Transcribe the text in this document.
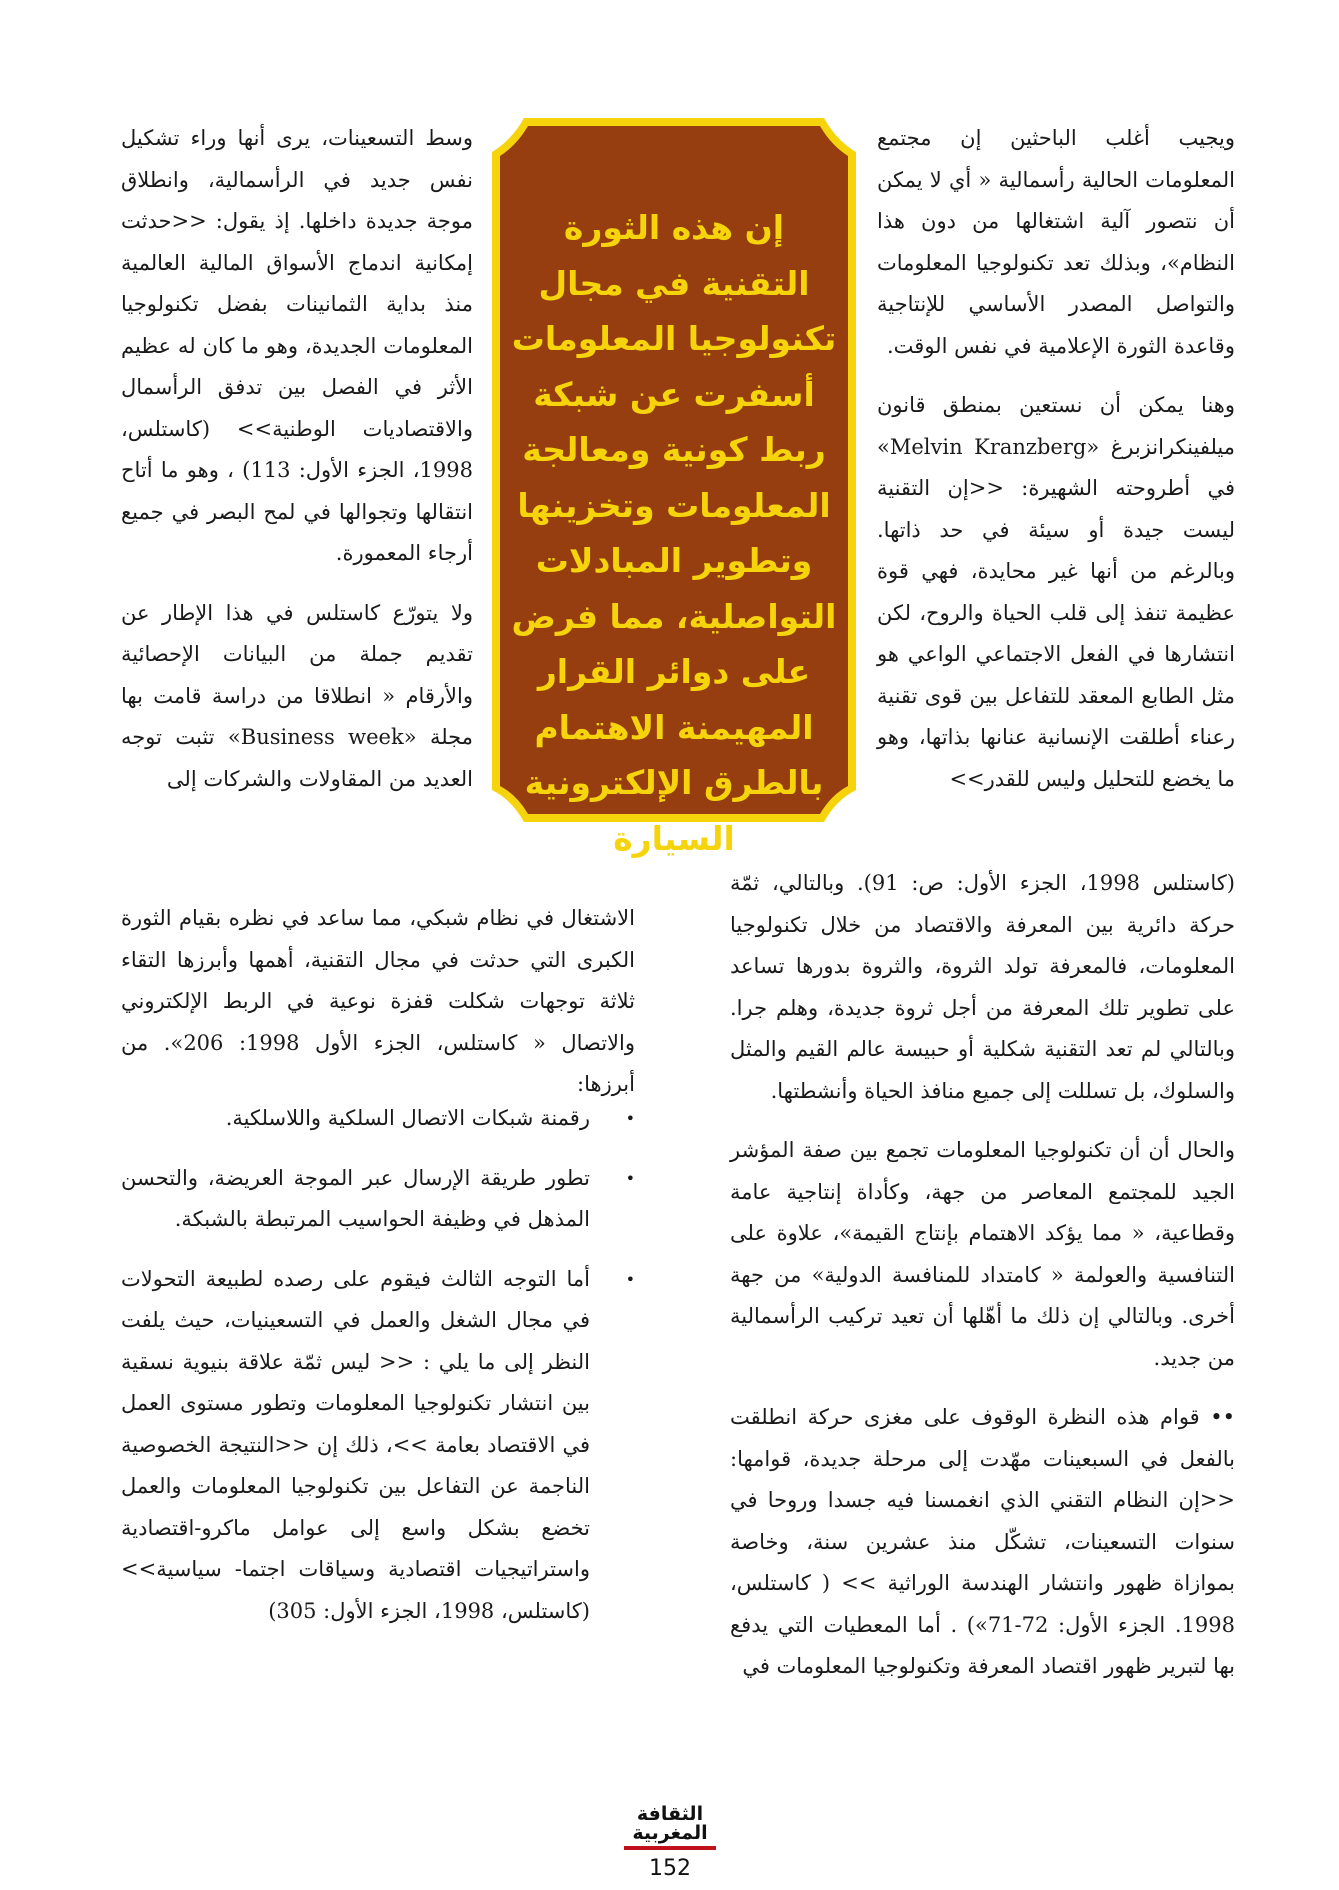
ويجيب أغلب الباحثين إن مجتمع المعلومات الحالية رأسمالية « أي لا يمكن أن نتصور آلية اشتغالها من دون هذا النظام»، وبذلك تعد تكنولوجيا المعلومات والتواصل المصدر الأساسي للإنتاجية وقاعدة الثورة الإعلامية في نفس الوقت.

وهنا يمكن أن نستعين بمنطق قانون ميلفينكرانزبرغ «Melvin Kranzberg» في أطروحته الشهيرة: <<إن التقنية ليست جيدة أو سيئة في حد ذاتها. وبالرغم من أنها غير محايدة، فهي قوة عظيمة تنفذ إلى قلب الحياة والروح، لكن انتشارها في الفعل الاجتماعي الواعي هو مثل الطابع المعقد للتفاعل بين قوى تقنية رعناء أطلقت الإنسانية عنانها بذاتها، وهو ما يخضع للتحليل وليس للقدر>>

إن هذه الثورة التقنية في مجال تكنولوجيا المعلومات أسفرت عن شبكة ربط كونية ومعالجة المعلومات وتخزينها وتطوير المبادلات التواصلية، مما فرض على دوائر القرار المهيمنة الاهتمام بالطرق الإلكترونية السيارة

وسط التسعينات، يرى أنها وراء تشكيل نفس جديد في الرأسمالية، وانطلاق موجة جديدة داخلها. إذ يقول: <<حدثت إمكانية اندماج الأسواق المالية العالمية منذ بداية الثمانينات بفضل تكنولوجيا المعلومات الجديدة، وهو ما كان له عظيم الأثر في الفصل بين تدفق الرأسمال والاقتصاديات الوطنية>> (كاستلس، 1998، الجزء الأول: 113) ، وهو ما أتاح انتقالها وتجوالها في لمح البصر في جميع أرجاء المعمورة.

ولا يتورّع كاستلس في هذا الإطار عن تقديم جملة من البيانات الإحصائية والأرقام « انطلاقا من دراسة قامت بها مجلة «Business week» تثبت توجه العديد من المقاولات والشركات إلى

الاشتغال في نظام شبكي، مما ساعد في نظره بقيام الثورة الكبرى التي حدثت في مجال التقنية، أهمها وأبرزها التقاء ثلاثة توجهات شكلت قفزة نوعية في الربط الإلكتروني والاتصال « كاستلس، الجزء الأول 1998: 206». من أبرزها:

(كاستلس 1998، الجزء الأول: ص: 91). وبالتالي، ثمّة حركة دائرية بين المعرفة والاقتصاد من خلال تكنولوجيا المعلومات، فالمعرفة تولد الثروة، والثروة بدورها تساعد على تطوير تلك المعرفة من أجل ثروة جديدة، وهلم جرا. وبالتالي لم تعد التقنية شكلية أو حبيسة عالم القيم والمثل والسلوك، بل تسللت إلى جميع منافذ الحياة وأنشطتها.

والحال أن أن تكنولوجيا المعلومات تجمع بين صفة المؤشر الجيد للمجتمع المعاصر من جهة، وكأداة إنتاجية عامة وقطاعية، « مما يؤكد الاهتمام بإنتاج القيمة»، علاوة على التنافسية والعولمة « كامتداد للمنافسة الدولية» من جهة أخرى. وبالتالي إن ذلك ما أهّلها أن تعيد تركيب الرأسمالية من جديد.

•• قوام هذه النظرة الوقوف على مغزى حركة انطلقت بالفعل في السبعينات مهّدت إلى مرحلة جديدة، قوامها: <<إن النظام التقني الذي انغمسنا فيه جسدا وروحا في سنوات التسعينات، تشكّل منذ عشرين سنة، وخاصة بموازاة ظهور وانتشار الهندسة الوراثية >> ( كاستلس، 1998. الجزء الأول: 72-71») . أما المعطيات التي يدفع بها لتبرير ظهور اقتصاد المعرفة وتكنولوجيا المعلومات في

•
رقمنة شبكات الاتصال السلكية واللاسلكية.
•
تطور طريقة الإرسال عبر الموجة العريضة، والتحسن المذهل في وظيفة الحواسيب المرتبطة بالشبكة.
•
أما التوجه الثالث فيقوم على رصده لطبيعة التحولات في مجال الشغل والعمل في التسعينيات، حيث يلفت النظر إلى ما يلي : << ليس ثمّة علاقة بنيوية نسقية بين انتشار تكنولوجيا المعلومات وتطور مستوى العمل في الاقتصاد بعامة >>، ذلك إن <<النتيجة الخصوصية الناجمة عن التفاعل بين تكنولوجيا المعلومات والعمل تخضع بشكل واسع إلى عوامل ماكرو-اقتصادية واستراتيجيات اقتصادية وسياقات اجتما- سياسية>> (كاستلس، 1998، الجزء الأول: 305)
الثقافة
المغربية
152
